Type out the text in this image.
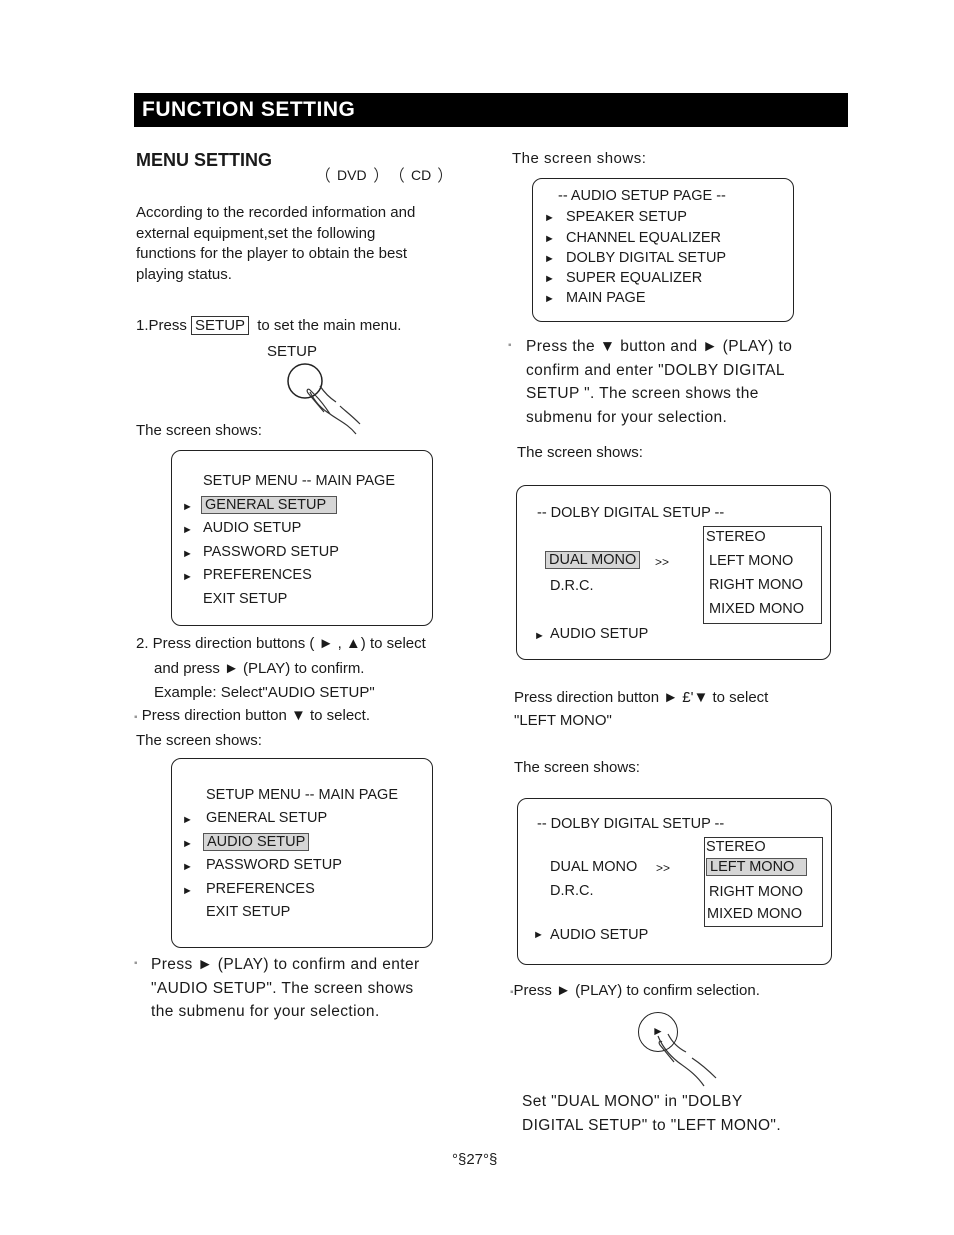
FUNCTION SETTING
MENU SETTING
DVD	CD
According to the recorded information and
external equipment,set the following
functions for the player to obtain the best
playing status.
1.Press SETUP to set the main menu.
SETUP
The screen shows:
SETUP MENU -- MAIN PAGE
► GENERAL SETUP
► AUDIO SETUP
► PASSWORD SETUP
► PREFERENCES
EXIT SETUP
2. Press direction buttons ( ► , ▲) to select
and press ► (PLAY) to confirm.
Example: Select"AUDIO SETUP"
▪ Press direction button ▼ to select.
The screen shows:
SETUP MENU -- MAIN PAGE
► GENERAL SETUP
► AUDIO SETUP
► PASSWORD SETUP
► PREFERENCES
EXIT SETUP
▪ Press ► (PLAY) to confirm and enter
"AUDIO SETUP". The screen shows
the submenu for your selection.
The screen shows:
-- AUDIO SETUP PAGE --
► SPEAKER SETUP
► CHANNEL EQUALIZER
► DOLBY DIGITAL SETUP
► SUPER EQUALIZER
► MAIN PAGE
▪ Press the ▼ button and ► (PLAY) to
confirm and enter "DOLBY DIGITAL
SETUP ". The screen shows the
submenu for your selection.
The screen shows:
-- DOLBY DIGITAL SETUP --
DUAL MONO	>>
D.R.C.
STEREO
LEFT MONO
RIGHT MONO
MIXED MONO
► AUDIO SETUP
Press direction button ► £'▼ to select
"LEFT MONO"
The screen shows:
-- DOLBY DIGITAL SETUP --
DUAL MONO >>
D.R.C.
STEREO
LEFT MONO
RIGHT MONO
MIXED MONO
► AUDIO SETUP
▪Press ► (PLAY) to confirm selection.
►
Set "DUAL MONO" in "DOLBY
DIGITAL SETUP" to "LEFT MONO".
°§27°§
